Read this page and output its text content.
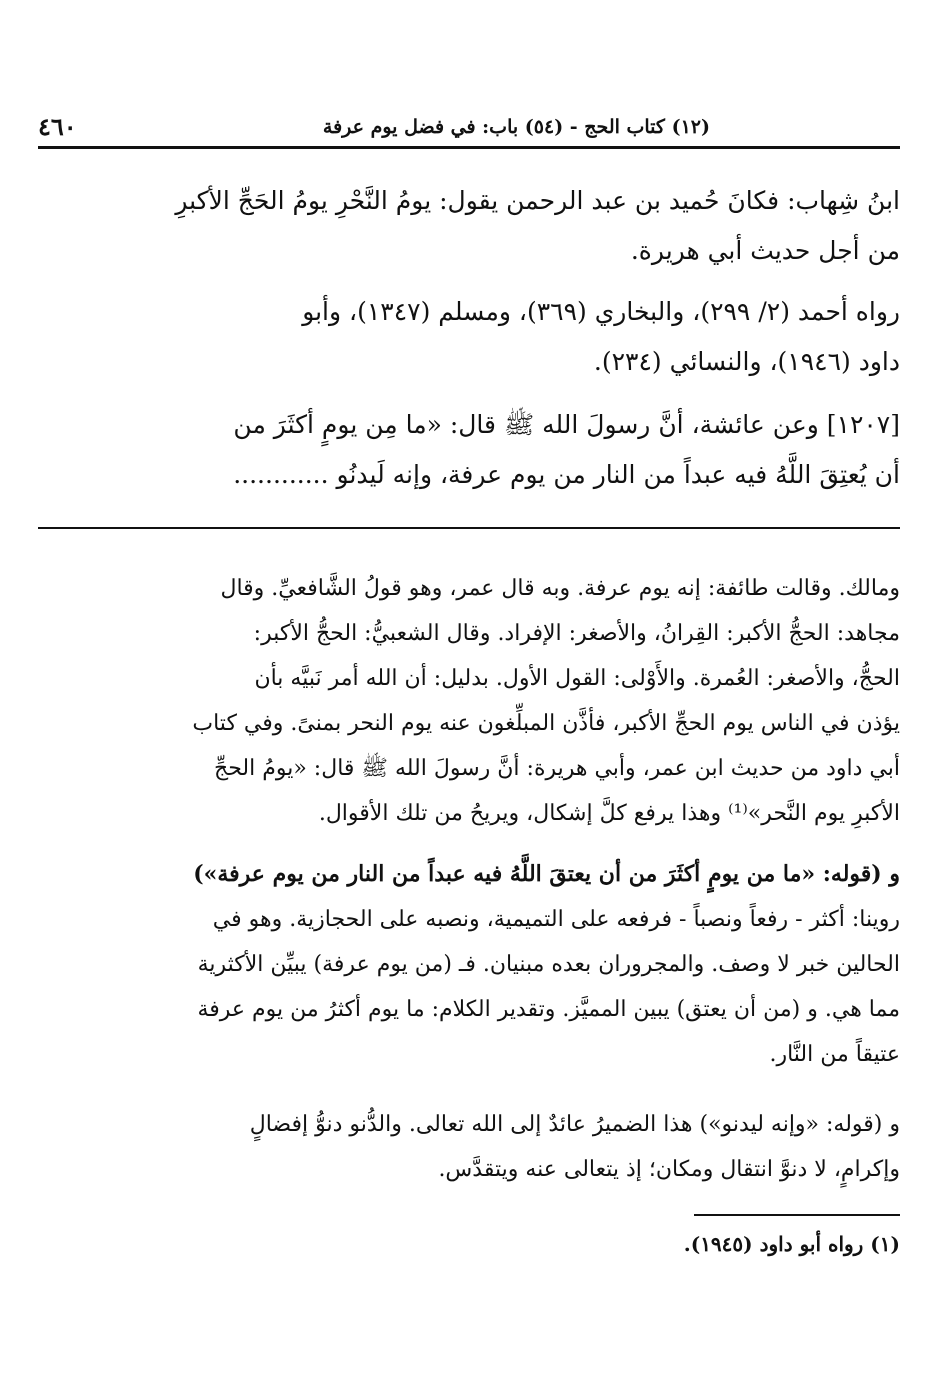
(١٢) كتاب الحج - (٥٤) باب: في فضل يوم عرفة
٤٦٠
ابنُ شِهاب: فكانَ حُميد بن عبد الرحمن يقول: يومُ النَّحْرِ يومُ الحَجِّ الأكبرِ
من أجل حديث أبي هريرة.
رواه أحمد (٢/ ٢٩٩)، والبخاري (٣٦٩)، ومسلم (١٣٤٧)، وأبو
داود (١٩٤٦)، والنسائي (٢٣٤).
[١٢٠٧] وعن عائشة، أنَّ رسولَ الله ﷺ قال: «ما مِن يومٍ أكثَرَ من
أن يُعتِقَ اللَّهُ فيه عبداً من النار من يوم عرفة، وإنه لَيدنُو ............
ومالك. وقالت طائفة: إنه يوم عرفة. وبه قال عمر، وهو قولُ الشَّافعيِّ. وقال
مجاهد: الحجُّ الأكبر: القِرانُ، والأصغر: الإفراد. وقال الشعبيُّ: الحجُّ الأكبر:
الحجُّ، والأصغر: العُمرة. والأَوْلى: القول الأول. بدليل: أن الله أمر نَبيَّه بأن
يؤذن في الناس يوم الحجِّ الأكبر، فأذَّن المبلِّغون عنه يوم النحر بمنىً. وفي كتاب
أبي داود من حديث ابن عمر، وأبي هريرة: أنَّ رسولَ الله ﷺ قال: «يومُ الحجِّ
الأكبرِ يوم النَّحر»⁽¹⁾ وهذا يرفع كلَّ إشكال، ويريحُ من تلك الأقوال.
و (قوله: «ما من يومٍ أكثَرَ من أن يعتقَ اللَّهُ فيه عبداً من النار من يوم عرفة»)
روينا: أكثر - رفعاً ونصباً - فرفعه على التميمية، ونصبه على الحجازية. وهو في
الحالين خبر لا وصف. والمجروران بعده مبنيان. فـ (من يوم عرفة) يبيِّن الأكثرية
مما هي. و (من أن يعتق) يبين المميَّز. وتقدير الكلام: ما يوم أكثرُ من يوم عرفة
عتيقاً من النَّار.
و (قوله: «وإنه ليدنو») هذا الضميرُ عائدٌ إلى الله تعالى. والدُّنو دنوُّ إفضالٍ
وإكرامٍ، لا دنوَّ انتقال ومكان؛ إذ يتعالى عنه ويتقدَّس.
(١) رواه أبو داود (١٩٤٥).
